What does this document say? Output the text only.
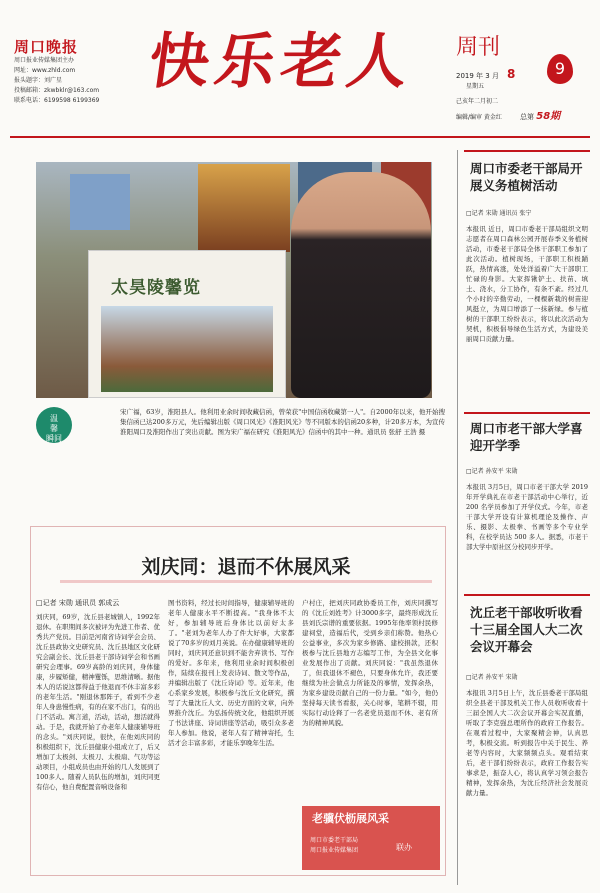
周口晚报
周口报业传媒集团主办
网址：www.zhld.com
报头题字：刘广星
投稿邮箱：zkwbklr@163.com
联系电话：6199598 6199369
快乐老人 周刊
9
2019 年 3 月 8
星期五
己亥年二月初二
编辑/编审 黄金红	总第 58期
太昊陵馨览
温
馨
瞬间
宋广福，63岁，淮阳县人。他利用业余时间收藏信函，曾荣获"中国信函收藏第一人"。自2000年以来，他开始搜集信函已达200多万元，先后编辑出版《周口风光》《淮阳风光》等不同版本的信函20多种，计20多万本，为宣传淮阳周口及淮阳作出了突出贡献。图为宋广福在研究《淮阳风光》信函中的其中一种。通讯员 张舒 王浩 摄
刘庆同：退而不休展风采
□记者 宋勋 通讯员 郭成云
刘庆同，69岁，沈丘县老城镇人，1992年退休。在职期间多次被评为先进工作者、优秀共产党员。目前是河南省诗词学会会员、沈丘县政协文史研究员、沈丘县地区文化研究会副会长、沈丘县老干部诗词学会和书画研究会理事。69岁高龄的刘庆同，身体健康，步履矫健，精神矍铄，思维清晰。据他本人的话说这都得益于他退而不休丰富多彩的老年生活。"刚退休那阵子，看到不少老年人身患慢性病，有的在家不出门，有的出门不活动。寓言道，活动，活动，想活就得动。于是，我就开始了办老年人健康辅导班的念头。"刘庆同说，很快，在他刘庆同的积极组织下，沈丘县健康小组成立了，后又增加了太极剑、太极刀、太极扇、气功等运动项目，小组成员也由开始的几人发展到了100多人。随着人员队伍的增加，刘庆同更有信心，他自费配置音响设备和
图书资料，经过长时间指导，健康辅导班的老年人健康水平不断提高。"我身体不太好，参加辅导班后身体比以前好太多了。"老刘为老年人办了件大好事，大家都说了70多岁的刘月英说。在办健康辅导班的同时，刘庆同还意识到不能舍弃读书、写作的爱好。多年来，他利用业余时间积极创作，陆续在报刊上发表诗词、散文等作品，并编辑出版了《沈丘诗词》等。近年来，他心系家乡发展，积极参与沈丘文化研究，撰写了大量沈丘人文、历史方面的文章，向外界推介沈丘。为弘扬传统文化，他组织开展了书法讲座、诗词讲座等活动，吸引众多老年人参加。他说，老年人有了精神寄托，生活才会丰富多彩，才能乐享晚年生活。
户村庄，把刘庆同政协委员工作，刘庆同撰写的《沈丘刘姓考》计3000多字，最终形成沈丘县刘氏宗谱的重要依据。1995年他率领村民修建祠堂，造福后代，受到乡亲们称赞。他热心公益事业，多次为家乡修路、建校捐款，还积极参与沈丘县地方志编写工作，为全县文化事业发展作出了贡献。刘庆同说："我虽然退休了，但我退休不褪色，只要身体允许，我还要继续为社会做点力所能及的事情，发挥余热，为家乡建设贡献自己的一份力量。"如今，他仍坚持每天读书看报，关心时事，笔耕不辍，用实际行动诠释了一名老党员退而不休、老有所为的精神风貌。
老骥伏枥展风采
周口市委老干部局
周口报业传媒集团	联办
周口市委老干部局开展义务植树活动
□记者 宋勋 通讯员 张宁
本报讯 近日，周口市委老干部局组织文明志愿者在周口森林公园开展春季义务植树活动，市委老干部局全体干部职工参加了此次活动。植树现场，干部职工积极踊跃，热情高涨，处处洋溢着广大干部职工忙碌的身影。大家挥锹铲土、扶苗、填土、浇水，分工协作，有条不紊。经过几个小时的辛勤劳动，一棵棵新栽的树苗迎风挺立，为周口增添了一抹新绿。参与植树的干部职工纷纷表示，将以此次活动为契机，积极倡导绿色生活方式，为建设美丽周口贡献力量。
周口市老干部大学喜迎开学季
□记者 孙安平 宋勋
本报讯 3月5日，周口市老干部大学 2019 年开学典礼在市老干部活动中心举行，近 200 名学员参加了开学仪式。今年，市老干部大学开设有计算机理论及操作、声乐、摄影、太极拳、书画等多个专业学科，在校学员达 500 多人。据悉，市老干部大学中原社区分校同步开学。
沈丘老干部收听收看十三届全国人大二次会议开幕会
□记者 孙安平 宋勋
本报讯 3月5日上午，沈丘县委老干部局组织全县老干部及机关工作人员收听收看十三届全国人大二次会议开幕会实况直播，听取了李克强总理所作的政府工作报告。在观看过程中，大家聚精会神，认真思考，积极交流。听到报告中关于民生、养老等内容时，大家频频点头。观看结束后，老干部们纷纷表示，政府工作报告实事求是，振奋人心，将认真学习领会报告精神，发挥余热，为沈丘经济社会发展贡献力量。
